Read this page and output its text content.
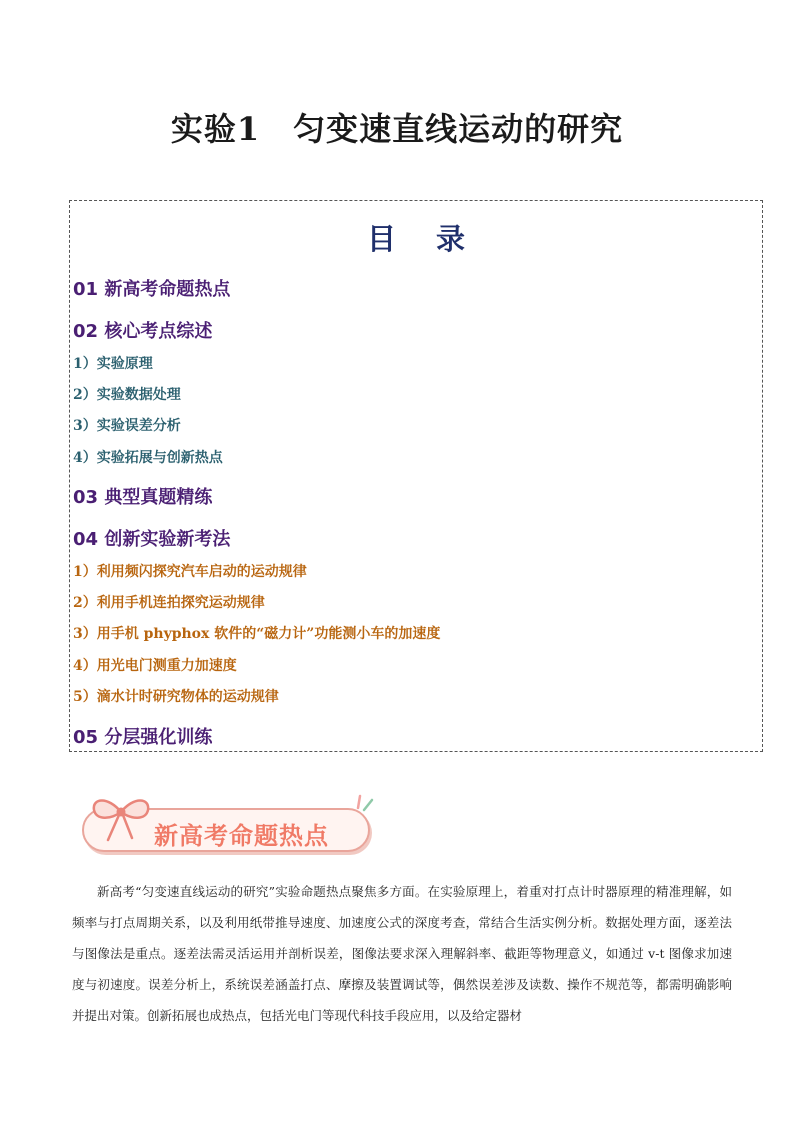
实验1　匀变速直线运动的研究
目 录
01 新高考命题热点
02 核心考点综述
1）实验原理
2）实验数据处理
3）实验误差分析
4）实验拓展与创新热点
03 典型真题精练
04 创新实验新考法
1）利用频闪探究汽车启动的运动规律
2）利用手机连拍探究运动规律
3）用手机 phyphox 软件的“磁力计”功能测小车的加速度
4）用光电门测重力加速度
5）滴水计时研究物体的运动规律
05 分层强化训练
新高考命题热点

新高考“匀变速直线运动的研究”实验命题热点聚焦多方面。在实验原理上，着重对打点计时器原理的精准理解，如频率与打点周期关系，以及利用纸带推导速度、加速度公式的深度考查，常结合生活实例分析。数据处理方面，逐差法与图像法是重点。逐差法需灵活运用并剖析误差，图像法要求深入理解斜率、截距等物理意义，如通过 v-t 图像求加速度与初速度。误差分析上，系统误差涵盖打点、摩擦及装置调试等，偶然误差涉及读数、操作不规范等，都需明确影响并提出对策。创新拓展也成热点，包括光电门等现代科技手段应用，以及给定器材
